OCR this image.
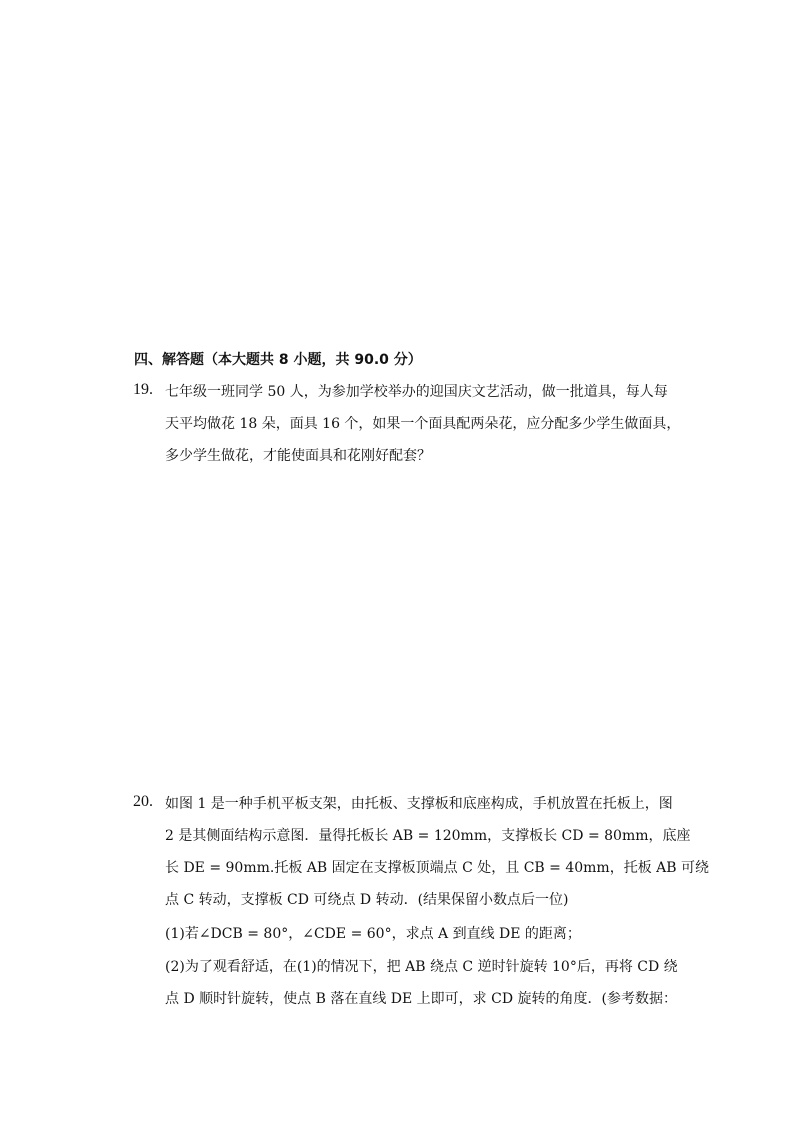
四、解答题（本大题共 8 小题，共 90.0 分）
19. 七年级一班同学 50 人，为参加学校举办的迎国庆文艺活动，做一批道具，每人每
天平均做花 18 朵，面具 16 个，如果一个面具配两朵花，应分配多少学生做面具，
多少学生做花，才能使面具和花刚好配套？
20. 如图 1 是一种手机平板支架，由托板、支撑板和底座构成，手机放置在托板上，图
2 是其侧面结构示意图．量得托板长 AB = 120mm，支撑板长 CD = 80mm，底座
长 DE = 90mm.托板 AB 固定在支撑板顶端点 C 处，且 CB = 40mm，托板 AB 可绕
点 C 转动，支撑板 CD 可绕点 D 转动．(结果保留小数点后一位)
(1)若∠DCB = 80°，∠CDE = 60°，求点 A 到直线 DE 的距离；
(2)为了观看舒适，在(1)的情况下，把 AB 绕点 C 逆时针旋转 10°后，再将 CD 绕
点 D 顺时针旋转，使点 B 落在直线 DE 上即可，求 CD 旋转的角度．(参考数据：
